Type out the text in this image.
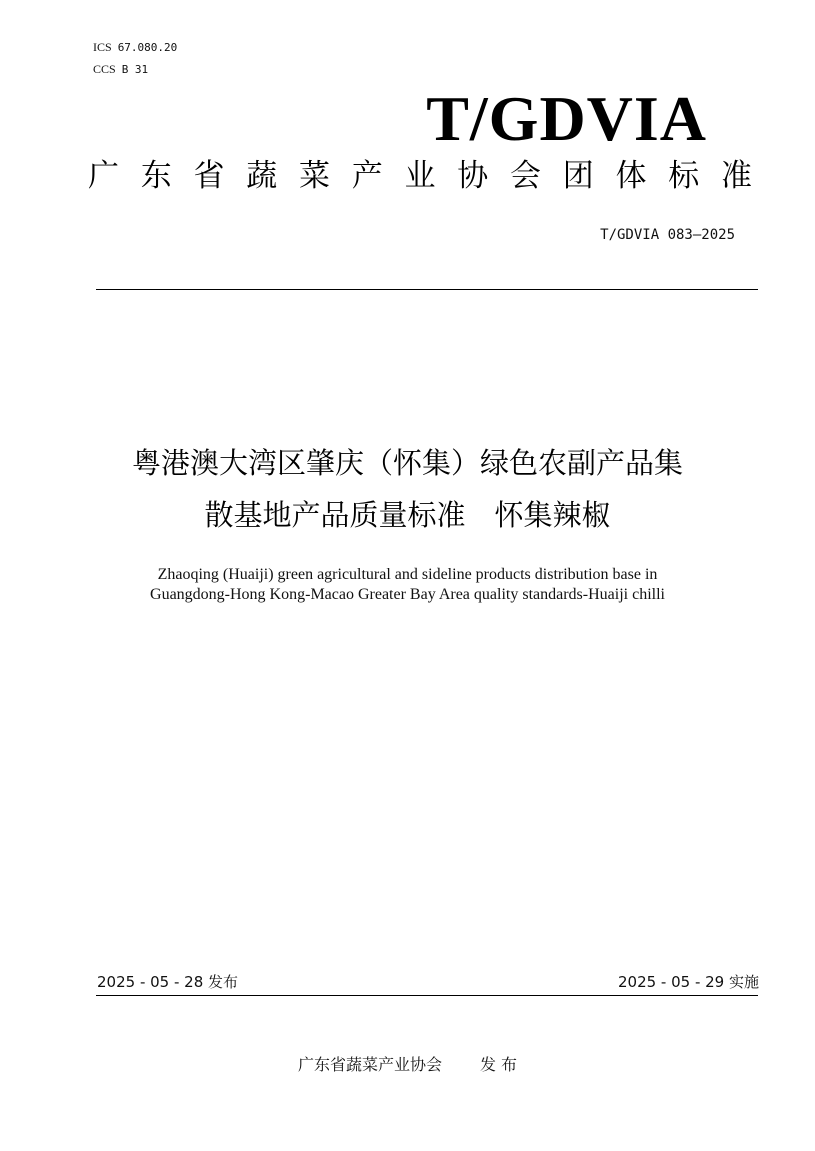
ICS 67.080.20
CCS B 31
T/GDVIA
广 东 省 蔬 菜 产 业 协 会 团 体 标 准
T/GDVIA 083—2025
粤港澳大湾区肇庆（怀集）绿色农副产品集
散基地产品质量标准　怀集辣椒
Zhaoqing (Huaiji) green agricultural and sideline products distribution base in
Guangdong-Hong Kong-Macao Greater Bay Area quality standards-Huaiji chilli
2025 - 05 - 28 发布	2025 - 05 - 29 实施
广东省蔬菜产业协会 发 布
